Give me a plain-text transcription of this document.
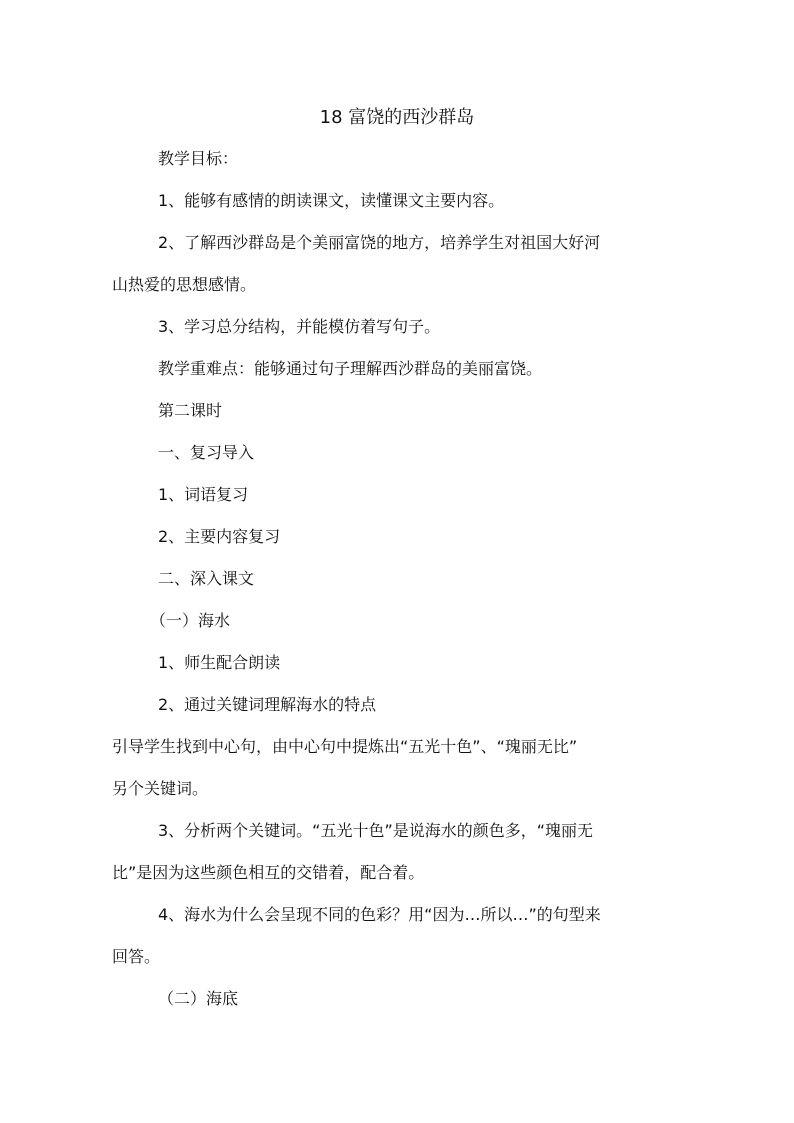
18 富饶的西沙群岛
教学目标：
1、能够有感情的朗读课文，读懂课文主要内容。
2、了解西沙群岛是个美丽富饶的地方，培养学生对祖国大好河
山热爱的思想感情。
3、学习总分结构，并能模仿着写句子。
教学重难点：能够通过句子理解西沙群岛的美丽富饶。
第二课时
一、复习导入
1、词语复习
2、主要内容复习
二、深入课文
（一）海水
1、师生配合朗读
2、通过关键词理解海水的特点
引导学生找到中心句，由中心句中提炼出“五光十色”、“瑰丽无比”
另个关键词。
3、分析两个关键词。“五光十色”是说海水的颜色多，“瑰丽无
比”是因为这些颜色相互的交错着，配合着。
4、海水为什么会呈现不同的色彩？用“因为…所以…”的句型来
回答。
（二）海底
